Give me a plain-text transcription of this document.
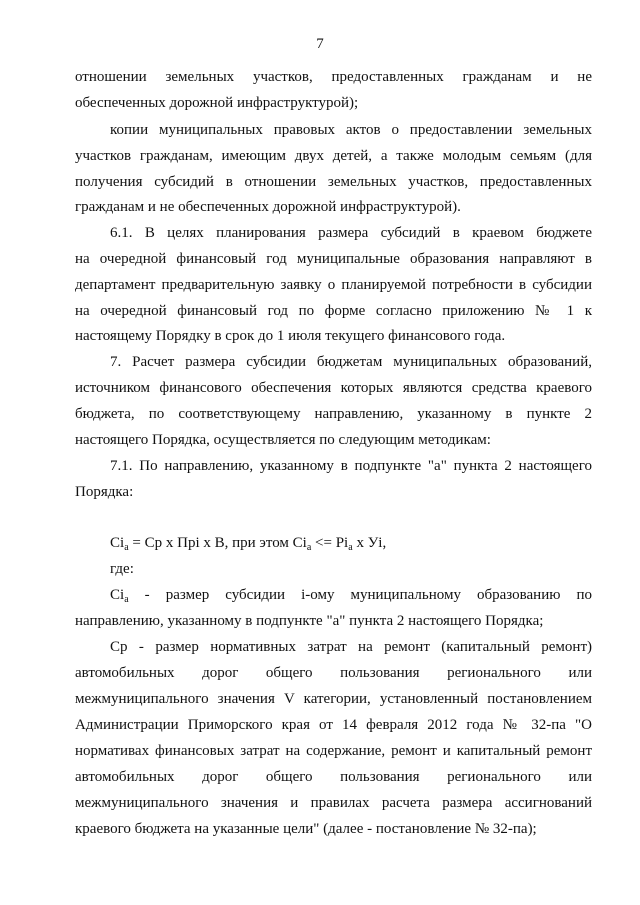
7
отношении земельных участков, предоставленных гражданам и не
обеспеченных дорожной инфраструктурой);
копии муниципальных правовых актов о предоставлении земельных
участков гражданам, имеющим двух детей, а также молодым семьям (для
получения субсидий в отношении земельных участков, предоставленных
гражданам и не обеспеченных дорожной инфраструктурой).
6.1. В целях планирования размера субсидий в краевом бюджете
на очередной финансовый год муниципальные образования направляют в
департамент предварительную заявку о планируемой потребности в субсидии
на очередной финансовый год по форме согласно приложению № 1 к
настоящему Порядку в срок до 1 июля текущего финансового года.
7. Расчет размера субсидии бюджетам муниципальных образований,
источником финансового обеспечения которых являются средства краевого
бюджета, по соответствующему направлению, указанному в пункте 2
настоящего Порядка, осуществляется по следующим методикам:
7.1. По направлению, указанному в подпункте "а" пункта 2 настоящего
Порядка:
$Ci_a$ = Ср х Прi х В, при этом $Ci_a <= Рi_a$ х Уi,
где:
$Ci_a$ - размер субсидии i-ому муниципальному образованию по
направлению, указанному в подпункте "а" пункта 2 настоящего Порядка;
Ср - размер нормативных затрат на ремонт (капитальный ремонт)
автомобильных дорог общего пользования регионального или
межмуниципального значения V категории, установленный постановлением
Администрации Приморского края от 14 февраля 2012 года № 32-па "О
нормативах финансовых затрат на содержание, ремонт и капитальный ремонт
автомобильных дорог общего пользования регионального или
межмуниципального значения и правилах расчета размера ассигнований
краевого бюджета на указанные цели" (далее - постановление № 32-па);
